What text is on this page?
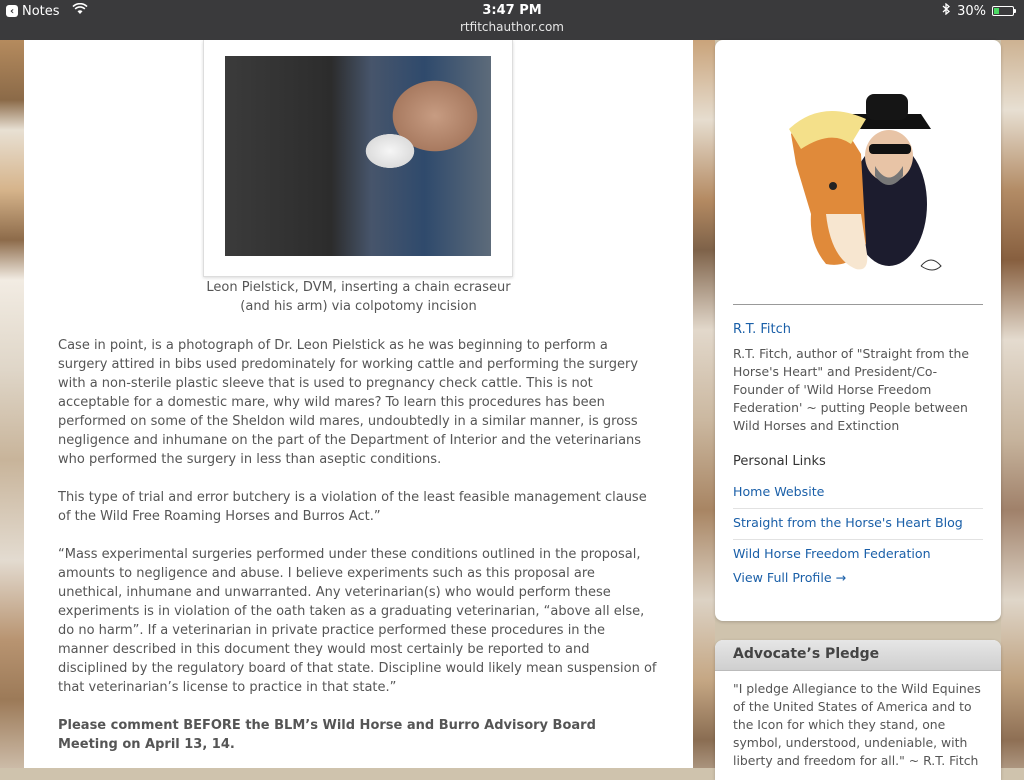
‹ Notes	3:47 PM
rtfitchauthor.com
30%
Leon Pielstick, DVM, inserting a chain ecraseur
(and his arm) via colpotomy incision

Case in point, is a photograph of Dr. Leon Pielstick as he was beginning to perform a surgery attired in bibs used predominately for working cattle and performing the surgery with a non-sterile plastic sleeve that is used to pregnancy check cattle. This is not acceptable for a domestic mare, why wild mares? To learn this procedures has been performed on some of the Sheldon wild mares, undoubtedly in a similar manner, is gross negligence and inhumane on the part of the Department of Interior and the veterinarians who performed the surgery in less than aseptic conditions.

This type of trial and error butchery is a violation of the least feasible management clause of the Wild Free Roaming Horses and Burros Act.”

“Mass experimental surgeries performed under these conditions outlined in the proposal, amounts to negligence and abuse. I believe experiments such as this proposal are unethical, inhumane and unwarranted. Any veterinarian(s) who would perform these experiments is in violation of the oath taken as a graduating veterinarian, “above all else, do no harm”. If a veterinarian in private practice performed these procedures in the manner described in this document they would most certainly be reported to and disciplined by the regulatory board of that state. Discipline would likely mean suspension of that veterinarian’s license to practice in that state.”

Please comment BEFORE the BLM’s Wild Horse and Burro Advisory Board Meeting on April 13, 14.

R.T. Fitch
R.T. Fitch, author of "Straight from the Horse's Heart" and President/Co-Founder of 'Wild Horse Freedom Federation' ~ putting People between Wild Horses and Extinction
Personal Links
Home Website
Straight from the Horse's Heart Blog
Wild Horse Freedom Federation
View Full Profile →
Advocate’s Pledge
"I pledge Allegiance to the Wild Equines of the United States of America and to the Icon for which they stand, one symbol, understood, undeniable, with liberty and freedom for all." ~ R.T. Fitch
